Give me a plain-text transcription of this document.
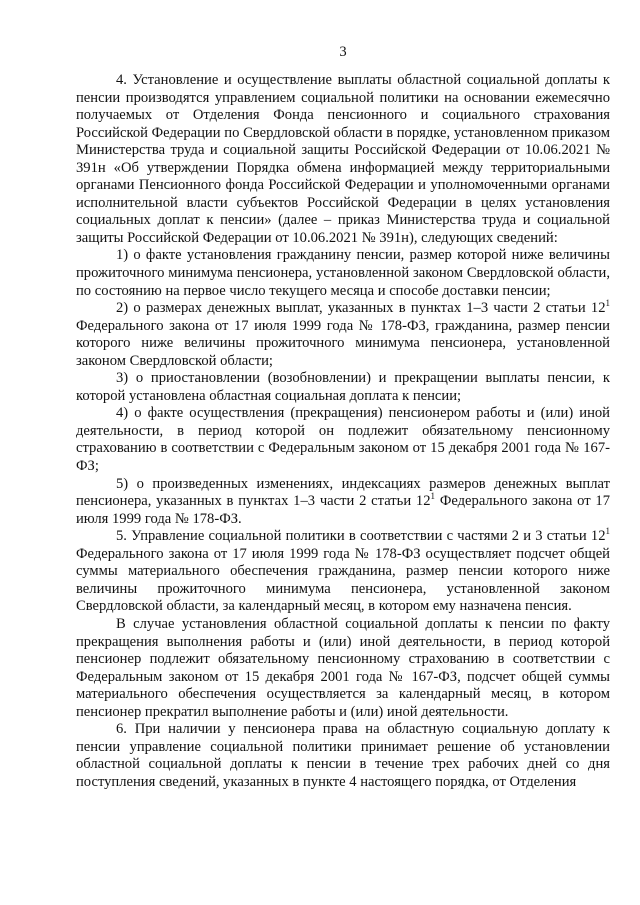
3

4. Установление и осуществление выплаты областной социальной доплаты к пенсии производятся управлением социальной политики на основании ежемесячно получаемых от Отделения Фонда пенсионного и социального страхования Российской Федерации по Свердловской области в порядке, установленном приказом Министерства труда и социальной защиты Российской Федерации от 10.06.2021 № 391н «Об утверждении Порядка обмена информацией между территориальными органами Пенсионного фонда Российской Федерации и уполномоченными органами исполнительной власти субъектов Российской Федерации в целях установления социальных доплат к пенсии» (далее – приказ Министерства труда и социальной защиты Российской Федерации от 10.06.2021 № 391н), следующих сведений:

1) о факте установления гражданину пенсии, размер которой ниже величины прожиточного минимума пенсионера, установленной законом Свердловской области, по состоянию на первое число текущего месяца и способе доставки пенсии;

2) о размерах денежных выплат, указанных в пунктах 1–3 части 2 статьи $12^1$ Федерального закона от 17 июля 1999 года № 178-ФЗ, гражданина, размер пенсии которого ниже величины прожиточного минимума пенсионера, установленной законом Свердловской области;

3) о приостановлении (возобновлении) и прекращении выплаты пенсии, к которой установлена областная социальная доплата к пенсии;

4) о факте осуществления (прекращения) пенсионером работы и (или) иной деятельности, в период которой он подлежит обязательному пенсионному страхованию в соответствии с Федеральным законом от 15 декабря 2001 года № 167-ФЗ;

5) о произведенных изменениях, индексациях размеров денежных выплат пенсионера, указанных в пунктах 1–3 части 2 статьи $12^1$ Федерального закона от 17 июля 1999 года № 178-ФЗ.

5. Управление социальной политики в соответствии с частями 2 и 3 статьи $12^1$ Федерального закона от 17 июля 1999 года № 178-ФЗ осуществляет подсчет общей суммы материального обеспечения гражданина, размер пенсии которого ниже величины прожиточного минимума пенсионера, установленной законом Свердловской области, за календарный месяц, в котором ему назначена пенсия.

В случае установления областной социальной доплаты к пенсии по факту прекращения выполнения работы и (или) иной деятельности, в период которой пенсионер подлежит обязательному пенсионному страхованию в соответствии с Федеральным законом от 15 декабря 2001 года № 167-ФЗ, подсчет общей суммы материального обеспечения осуществляется за календарный месяц, в котором пенсионер прекратил выполнение работы и (или) иной деятельности.

6. При наличии у пенсионера права на областную социальную доплату к пенсии управление социальной политики принимает решение об установлении областной социальной доплаты к пенсии в течение трех рабочих дней со дня поступления сведений, указанных в пункте 4 настоящего порядка, от Отделения
